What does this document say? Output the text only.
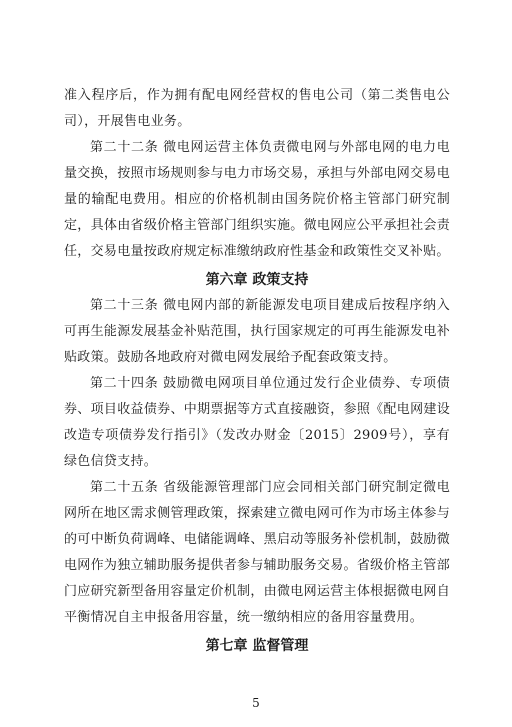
准入程序后，作为拥有配电网经营权的售电公司（第二类售电公司），开展售电业务。

第二十二条 微电网运营主体负责微电网与外部电网的电力电量交换，按照市场规则参与电力市场交易，承担与外部电网交易电量的输配电费用。相应的价格机制由国务院价格主管部门研究制定，具体由省级价格主管部门组织实施。微电网应公平承担社会责任，交易电量按政府规定标准缴纳政府性基金和政策性交叉补贴。

第六章 政策支持

第二十三条 微电网内部的新能源发电项目建成后按程序纳入可再生能源发展基金补贴范围，执行国家规定的可再生能源发电补贴政策。鼓励各地政府对微电网发展给予配套政策支持。

第二十四条 鼓励微电网项目单位通过发行企业债券、专项债券、项目收益债券、中期票据等方式直接融资，参照《配电网建设改造专项债券发行指引》（发改办财金〔2015〕2909号），享有绿色信贷支持。

第二十五条 省级能源管理部门应会同相关部门研究制定微电网所在地区需求侧管理政策，探索建立微电网可作为市场主体参与的可中断负荷调峰、电储能调峰、黑启动等服务补偿机制，鼓励微电网作为独立辅助服务提供者参与辅助服务交易。省级价格主管部门应研究新型备用容量定价机制，由微电网运营主体根据微电网自平衡情况自主申报备用容量，统一缴纳相应的备用容量费用。

第七章 监督管理
5
